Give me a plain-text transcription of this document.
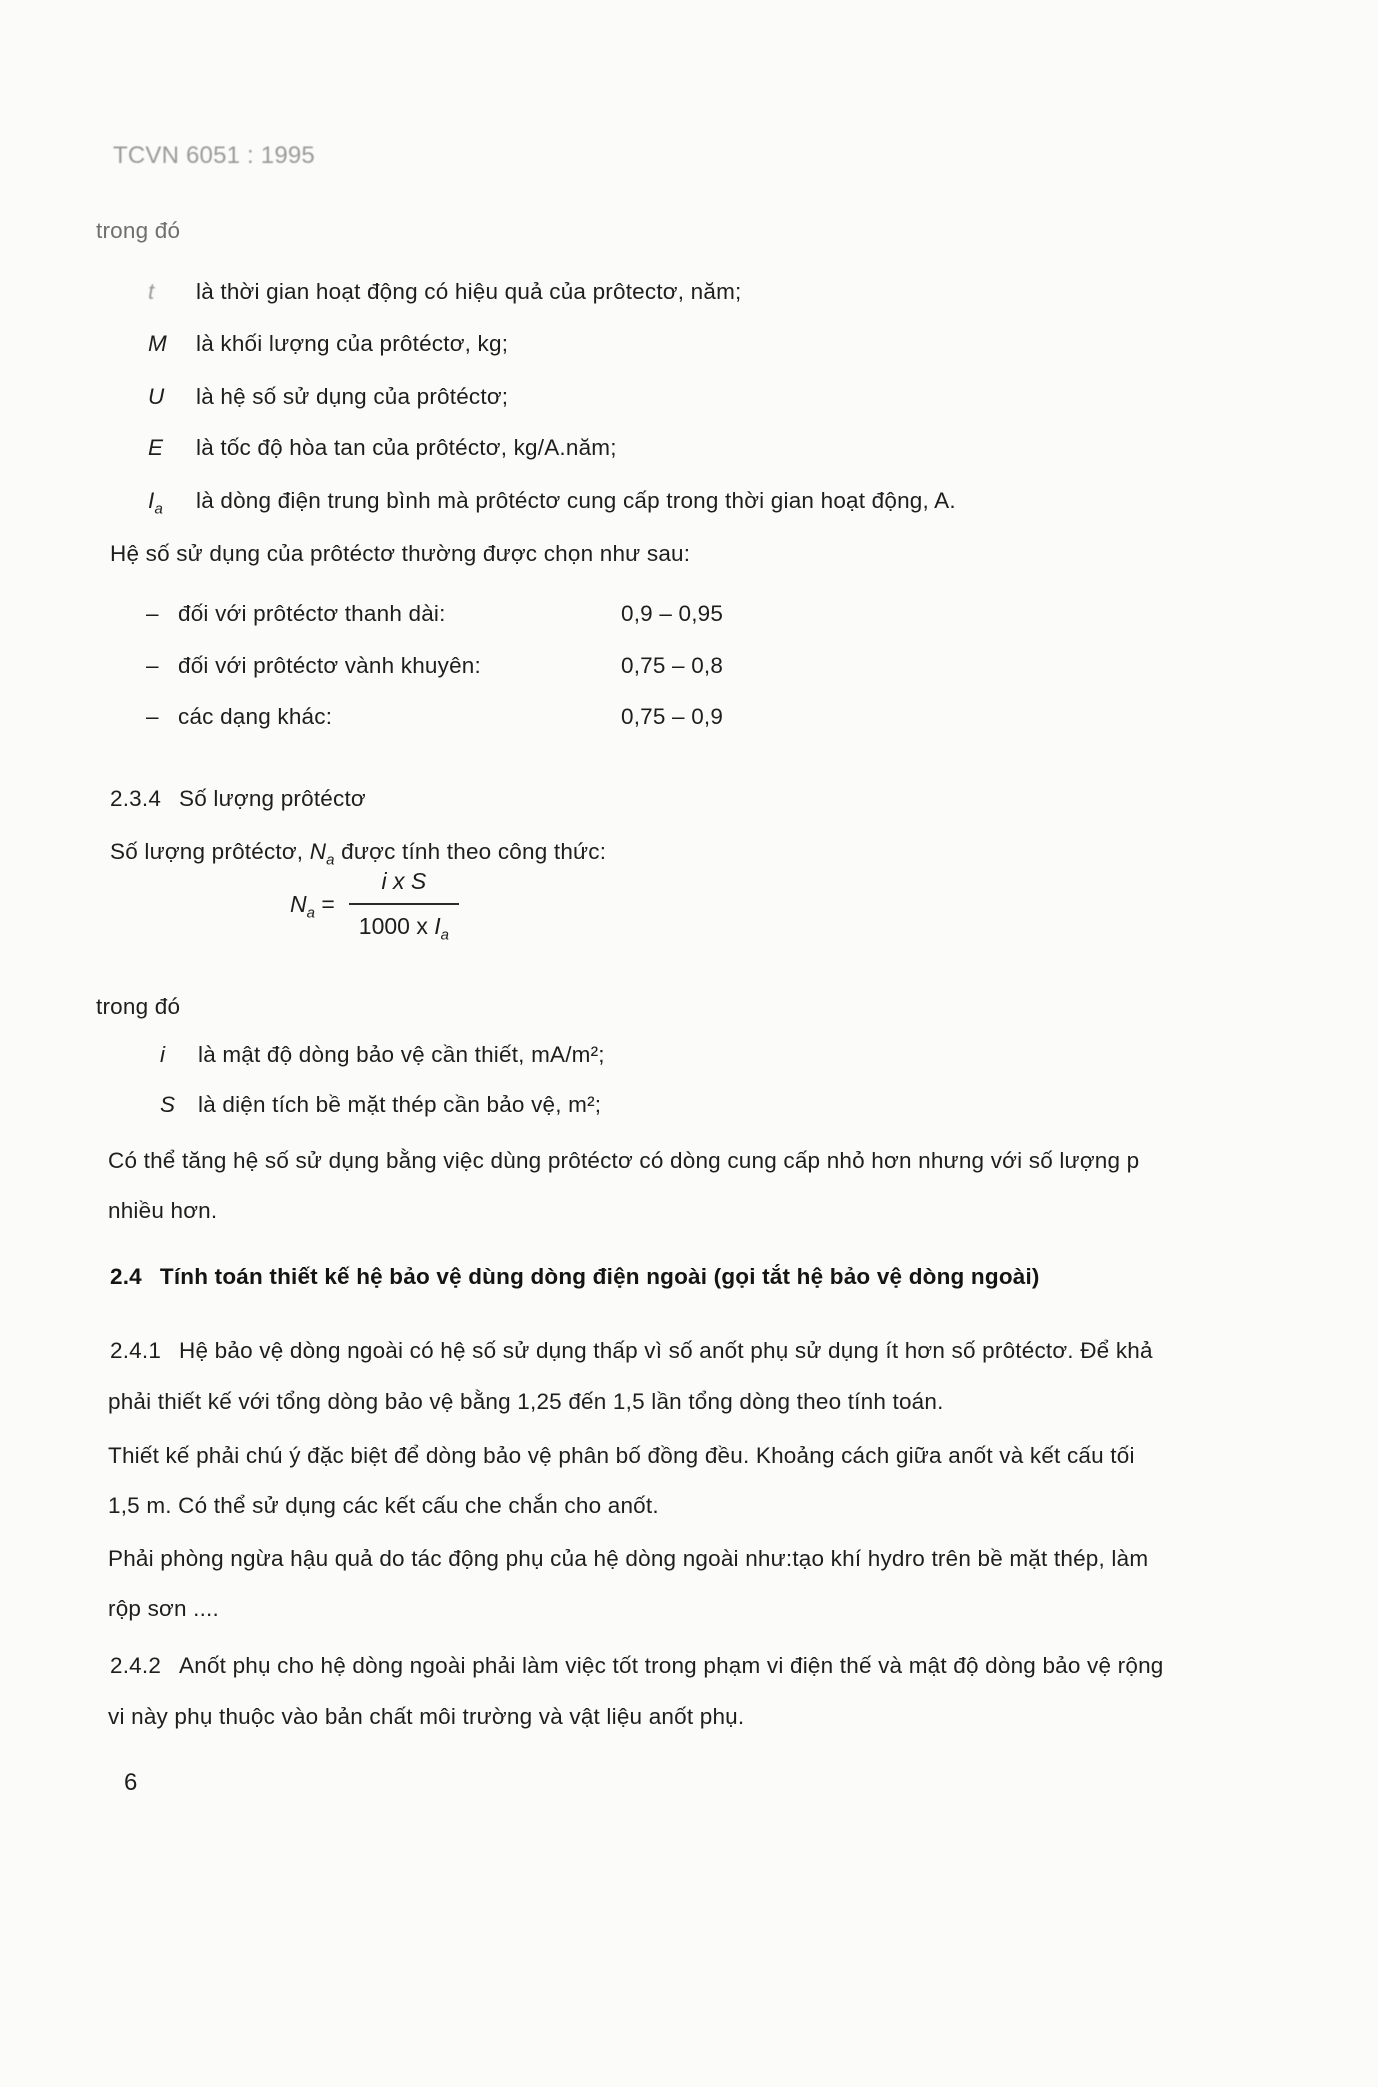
TCVN 6051 : 1995
trong đó
t là thời gian hoạt động có hiệu quả của prôtectơ, năm;
M là khối lượng của prôtéctơ, kg;
U là hệ số sử dụng của prôtéctơ;
E là tốc độ hòa tan của prôtéctơ, kg/A.năm;
$I_a$ là dòng điện trung bình mà prôtéctơ cung cấp trong thời gian hoạt động, A.
Hệ số sử dụng của prôtéctơ thường được chọn như sau:
– đối với prôtéctơ thanh dài:	0,9 – 0,95
– đối với prôtéctơ vành khuyên:	0,75 – 0,8
– các dạng khác:	0,75 – 0,9
2.3.4 Số lượng prôtéctơ
Số lượng prôtéctơ, $N_a$ được tính theo công thức:
$N_a = \frac{\text{i x S}}{1000 x I_a}$
trong đó
i là mật độ dòng bảo vệ cần thiết, mA/m²;
S là diện tích bề mặt thép cần bảo vệ, m²;
Có thể tăng hệ số sử dụng bằng việc dùng prôtéctơ có dòng cung cấp nhỏ hơn nhưng với số lượng p
nhiều hơn.
2.4 Tính toán thiết kế hệ bảo vệ dùng dòng điện ngoài (gọi tắt hệ bảo vệ dòng ngoài)
2.4.1 Hệ bảo vệ dòng ngoài có hệ số sử dụng thấp vì số anốt phụ sử dụng ít hơn số prôtéctơ. Để khả
phải thiết kế với tổng dòng bảo vệ bằng 1,25 đến 1,5 lần tổng dòng theo tính toán.
Thiết kế phải chú ý đặc biệt để dòng bảo vệ phân bố đồng đều. Khoảng cách giữa anốt và kết cấu tối
1,5 m. Có thể sử dụng các kết cấu che chắn cho anốt.
Phải phòng ngừa hậu quả do tác động phụ của hệ dòng ngoài như:tạo khí hydro trên bề mặt thép, làm
rộp sơn ....
2.4.2 Anốt phụ cho hệ dòng ngoài phải làm việc tốt trong phạm vi điện thế và mật độ dòng bảo vệ rộng
vi này phụ thuộc vào bản chất môi trường và vật liệu anốt phụ.
6
